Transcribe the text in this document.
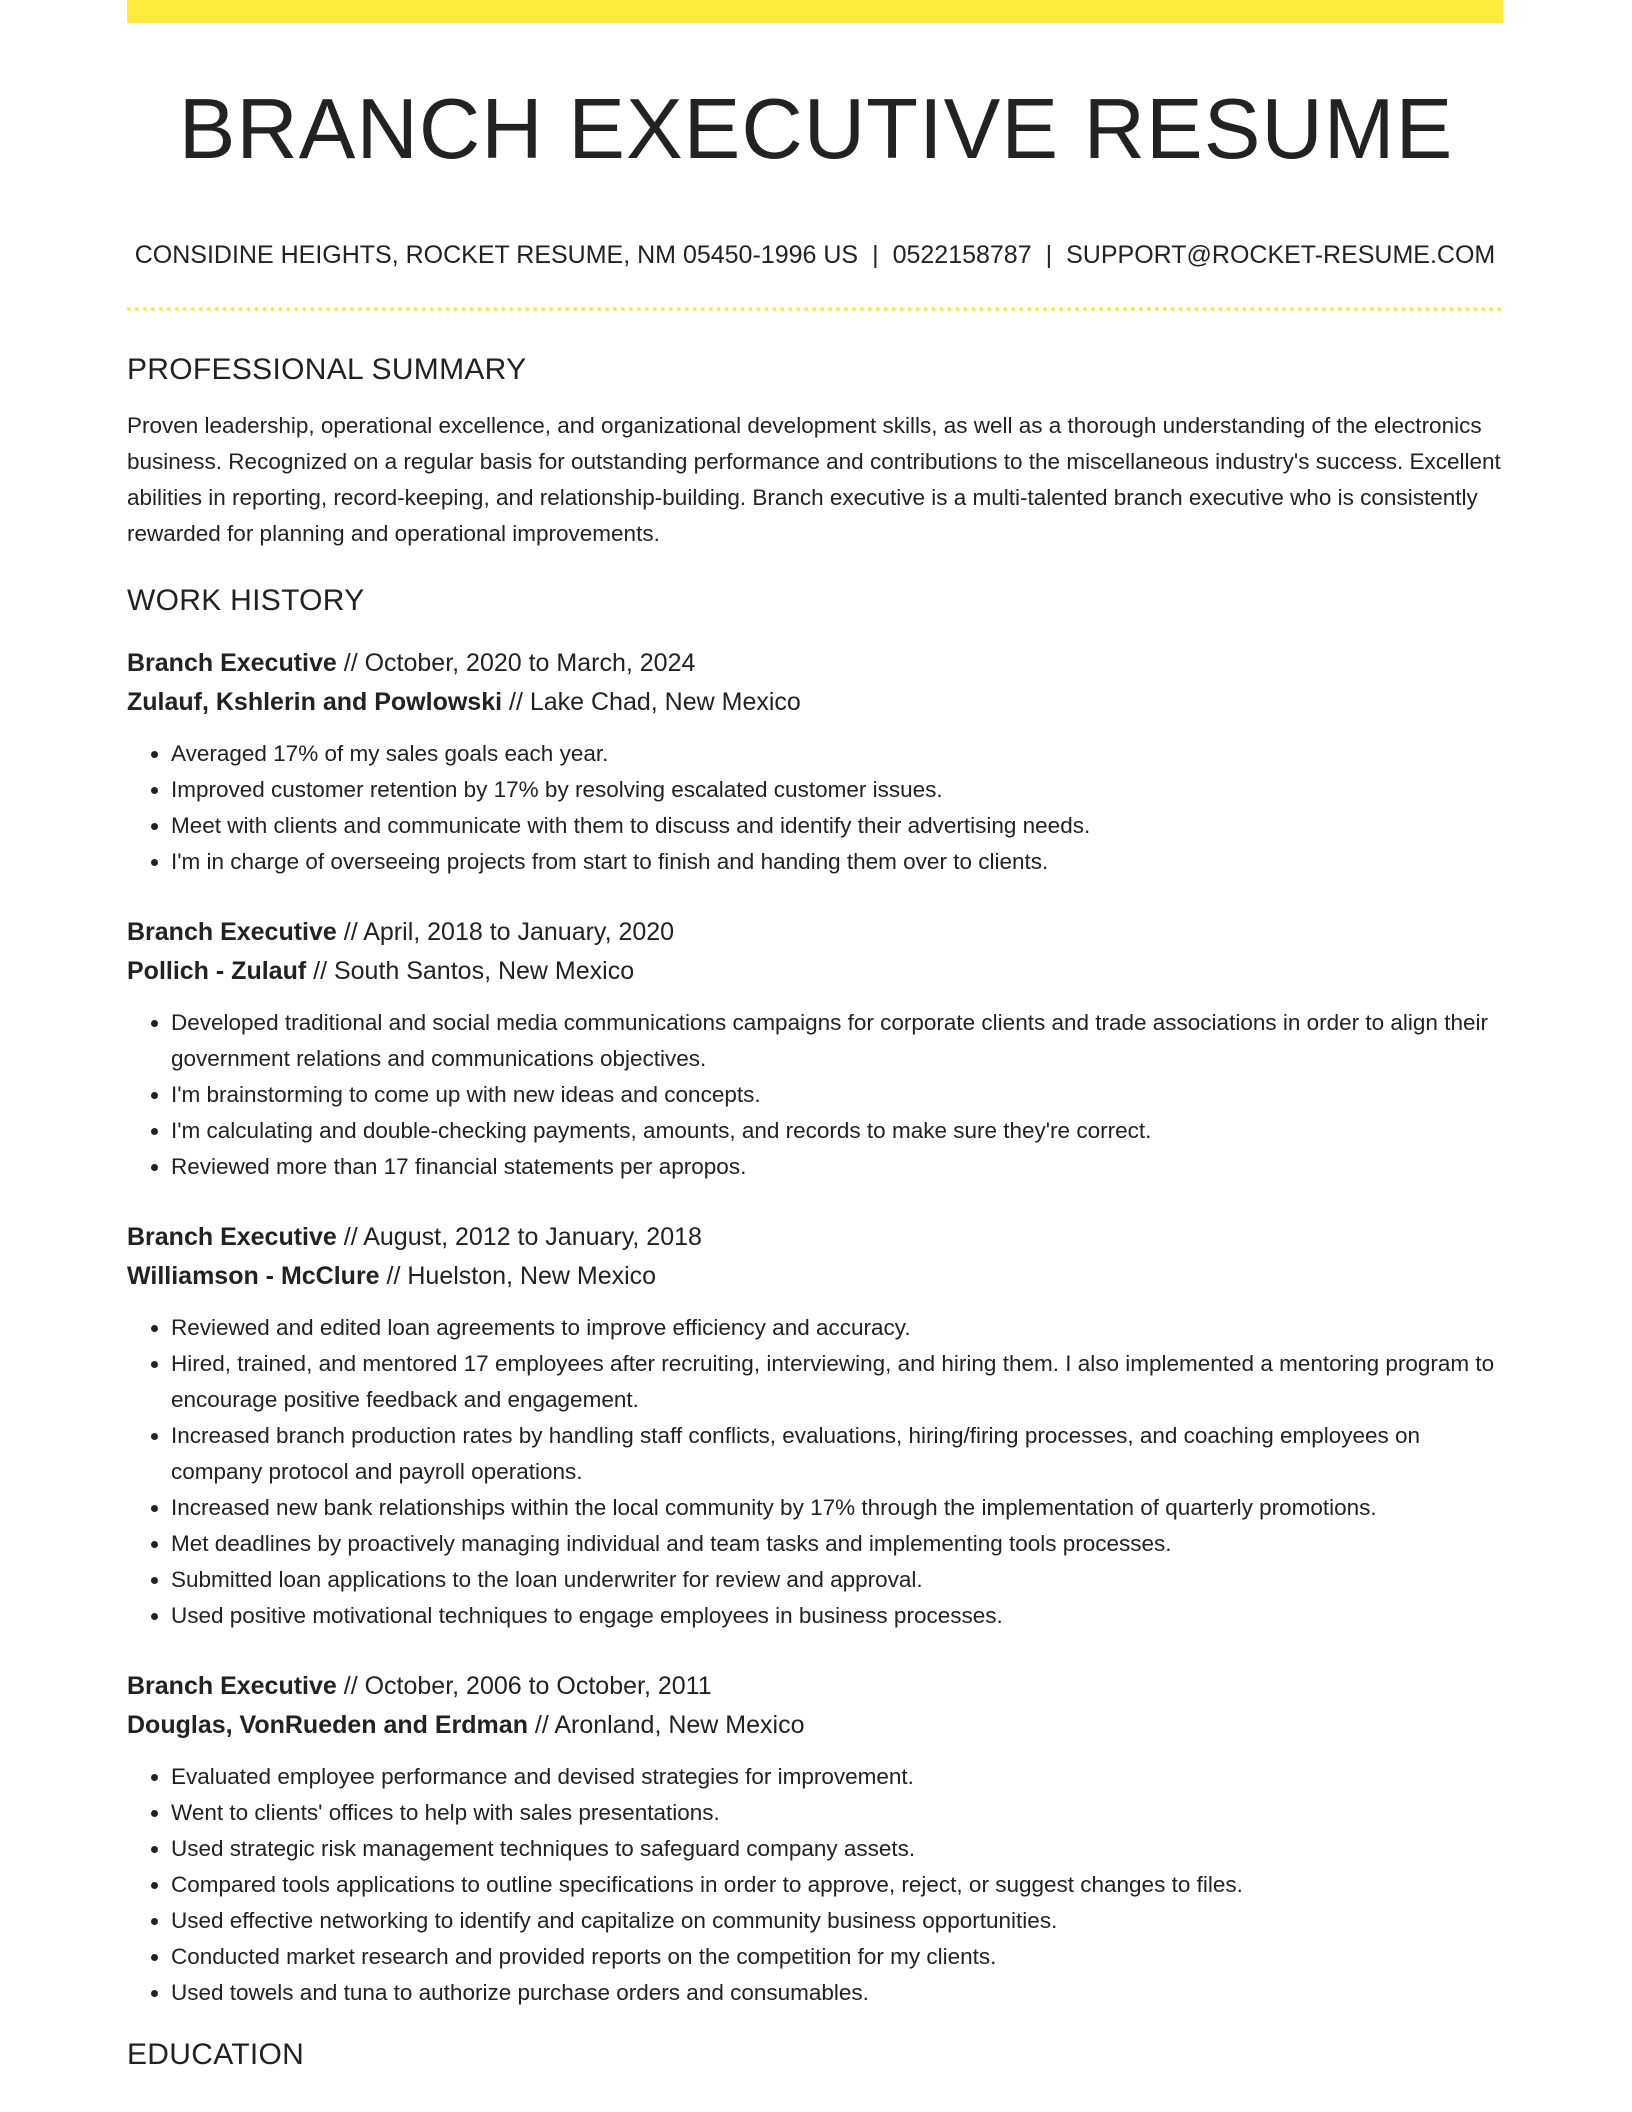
BRANCH EXECUTIVE RESUME
CONSIDINE HEIGHTS, ROCKET RESUME, NM 05450-1996 US | 0522158787 | SUPPORT@ROCKET-RESUME.COM
PROFESSIONAL SUMMARY

Proven leadership, operational excellence, and organizational development skills, as well as a thorough understanding of the electronics business. Recognized on a regular basis for outstanding performance and contributions to the miscellaneous industry's success. Excellent abilities in reporting, record-keeping, and relationship-building. Branch executive is a multi-talented branch executive who is consistently rewarded for planning and operational improvements.

WORK HISTORY
Branch Executive // October, 2020 to March, 2024
Zulauf, Kshlerin and Powlowski // Lake Chad, New Mexico
• Averaged 17% of my sales goals each year.
• Improved customer retention by 17% by resolving escalated customer issues.
• Meet with clients and communicate with them to discuss and identify their advertising needs.
• I'm in charge of overseeing projects from start to finish and handing them over to clients.
Branch Executive // April, 2018 to January, 2020
Pollich - Zulauf // South Santos, New Mexico
• Developed traditional and social media communications campaigns for corporate clients and trade associations in order to align their government relations and communications objectives.
• I'm brainstorming to come up with new ideas and concepts.
• I'm calculating and double-checking payments, amounts, and records to make sure they're correct.
• Reviewed more than 17 financial statements per apropos.
Branch Executive // August, 2012 to January, 2018
Williamson - McClure // Huelston, New Mexico
• Reviewed and edited loan agreements to improve efficiency and accuracy.
• Hired, trained, and mentored 17 employees after recruiting, interviewing, and hiring them. I also implemented a mentoring program to encourage positive feedback and engagement.
• Increased branch production rates by handling staff conflicts, evaluations, hiring/firing processes, and coaching employees on company protocol and payroll operations.
• Increased new bank relationships within the local community by 17% through the implementation of quarterly promotions.
• Met deadlines by proactively managing individual and team tasks and implementing tools processes.
• Submitted loan applications to the loan underwriter for review and approval.
• Used positive motivational techniques to engage employees in business processes.
Branch Executive // October, 2006 to October, 2011
Douglas, VonRueden and Erdman // Aronland, New Mexico
• Evaluated employee performance and devised strategies for improvement.
• Went to clients' offices to help with sales presentations.
• Used strategic risk management techniques to safeguard company assets.
• Compared tools applications to outline specifications in order to approve, reject, or suggest changes to files.
• Used effective networking to identify and capitalize on community business opportunities.
• Conducted market research and provided reports on the competition for my clients.
• Used towels and tuna to authorize purchase orders and consumables.
EDUCATION
